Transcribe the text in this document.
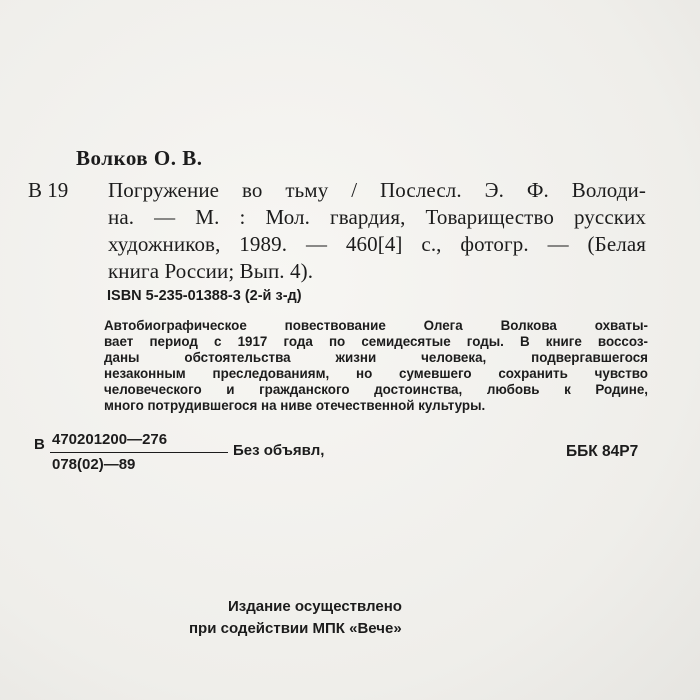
Волков О. В.
В 19 Погружение во тьму / Послесл. Э. Ф. Володи-
на. — М. : Мол. гвардия, Товарищество русских
художников, 1989. — 460[4] с., фотогр. — (Белая
книга России; Вып. 4).
ISBN 5-235-01388-3 (2-й з-д)
Автобиографическое повествование Олега Волкова охваты-
вает период с 1917 года по семидесятые годы. В книге воссоз-
даны обстоятельства жизни человека, подвергавшегося
незаконным преследованиям, но сумевшего сохранить чувство
человеческого и гражданского достоинства, любовь к Родине,
много потрудившегося на ниве отечественной культуры.
В 470201200—276
078(02)—89
Без объявл,	ББК 84Р7
Издание осуществлено
при содействии МПК «Вече»
